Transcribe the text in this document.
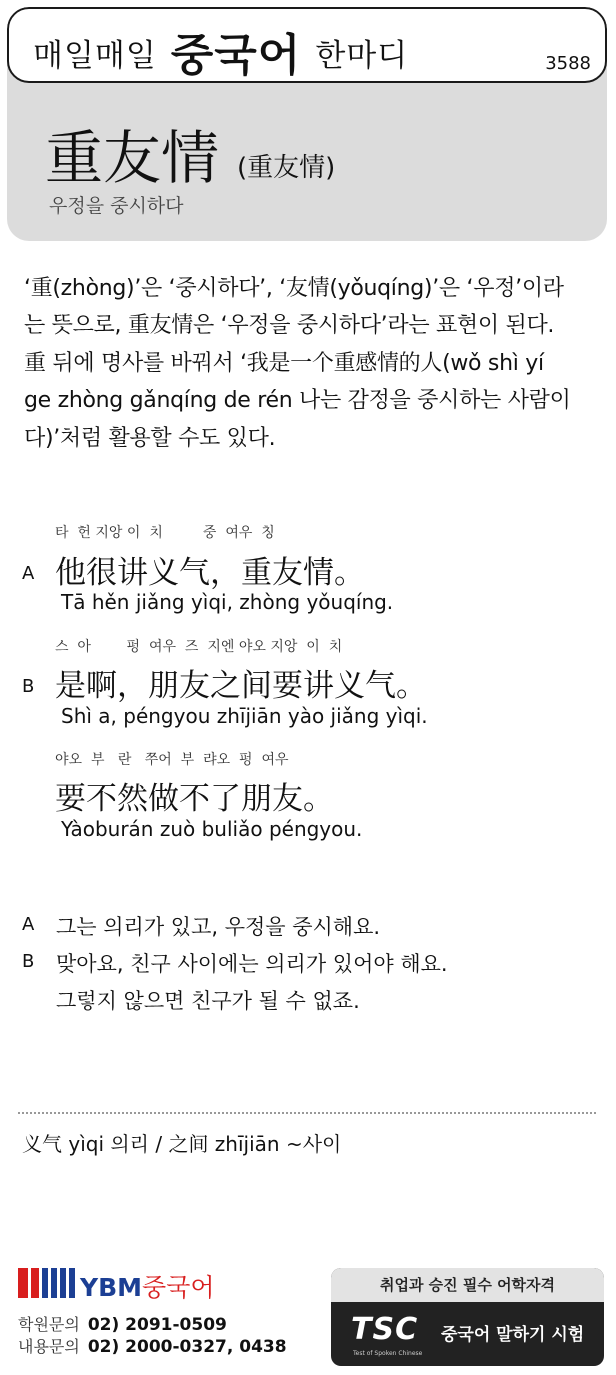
매일매일 중국어 한마디	3588
重友情 (重友情)
우정을 중시하다

‘重(zhòng)’은 ‘중시하다’, ‘友情(yǒuqíng)’은 ‘우정’이라

는 뜻으로, 重友情은 ‘우정을 중시하다’라는 표현이 된다.

重 뒤에 명사를 바꿔서 ‘我是一个重感情的人(wǒ shì yí

ge zhòng gǎnqíng de rén 나는 감정을 중시하는 사람이

다)’처럼 활용할 수도 있다.

타  헌 지앙 이  치         중  여우  칭
A 他很讲义气，重友情。
Tā hěn jiǎng yìqi, zhòng yǒuqíng.
스  아        펑  여우  즈  지엔 야오 지앙  이  치
B 是啊，朋友之间要讲义气。
Shì a, péngyou zhījiān yào jiǎng yìqi.
야오  부   란   쭈어  부  랴오  펑  여우
要不然做不了朋友。
Yàoburán zuò buliǎo péngyou.
A 그는 의리가 있고, 우정을 중시해요.
B 맞아요, 친구 사이에는 의리가 있어야 해요.
그렇지 않으면 친구가 될 수 없죠.
义气 yìqi 의리 / 之间 zhījiān ~사이
YBM중국어
학원문의 02) 2091-0509
내용문의 02) 2000-0327, 0438
취업과 승진 필수 어학자격
TSC
Test of Spoken Chinese
중국어 말하기 시험
